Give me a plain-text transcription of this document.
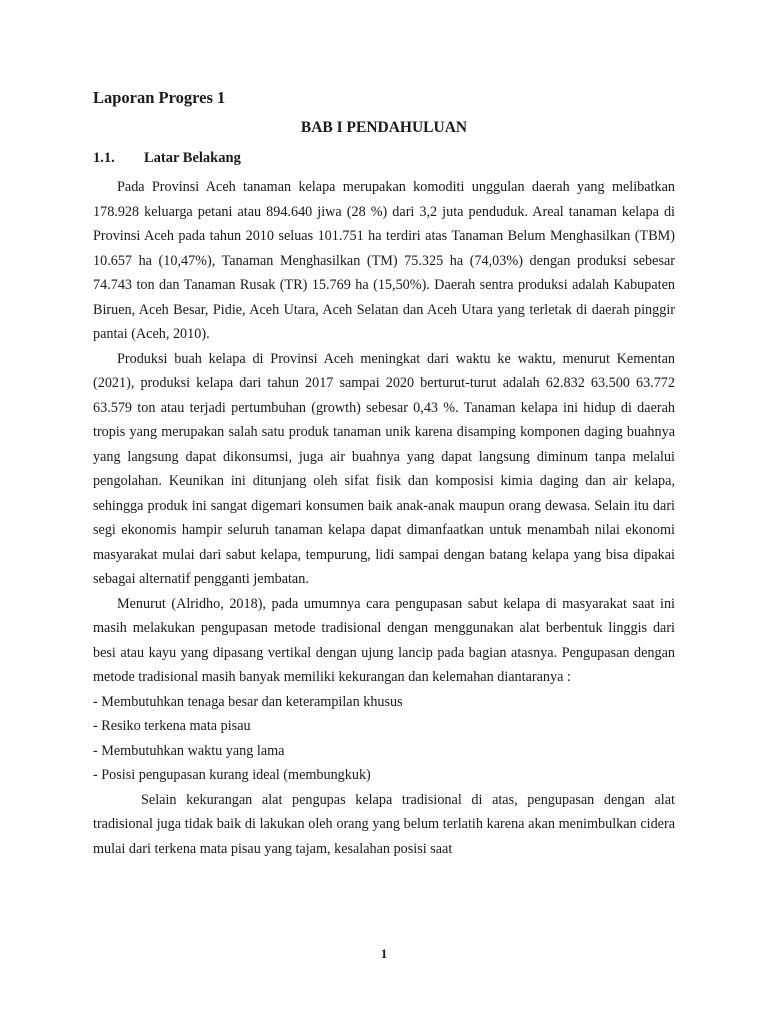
Laporan Progres 1
BAB I PENDAHULUAN
1.1. Latar Belakang

Pada Provinsi Aceh tanaman kelapa merupakan komoditi unggulan daerah yang melibatkan 178.928 keluarga petani atau 894.640 jiwa (28 %) dari 3,2 juta penduduk. Areal tanaman kelapa di Provinsi Aceh pada tahun 2010 seluas 101.751 ha terdiri atas Tanaman Belum Menghasilkan (TBM) 10.657 ha (10,47%), Tanaman Menghasilkan (TM) 75.325 ha (74,03%) dengan produksi sebesar 74.743 ton dan Tanaman Rusak (TR) 15.769 ha (15,50%). Daerah sentra produksi adalah Kabupaten Biruen, Aceh Besar, Pidie, Aceh Utara, Aceh Selatan dan Aceh Utara yang terletak di daerah pinggir pantai (Aceh, 2010).

Produksi buah kelapa di Provinsi Aceh meningkat dari waktu ke waktu, menurut Kementan (2021), produksi kelapa dari tahun 2017 sampai 2020 berturut-turut adalah 62.832 63.500 63.772 63.579 ton atau terjadi pertumbuhan (growth) sebesar 0,43 %. Tanaman kelapa ini hidup di daerah tropis yang merupakan salah satu produk tanaman unik karena disamping komponen daging buahnya yang langsung dapat dikonsumsi, juga air buahnya yang dapat langsung diminum tanpa melalui pengolahan. Keunikan ini ditunjang oleh sifat fisik dan komposisi kimia daging dan air kelapa, sehingga produk ini sangat digemari konsumen baik anak-anak maupun orang dewasa. Selain itu dari segi ekonomis hampir seluruh tanaman kelapa dapat dimanfaatkan untuk menambah nilai ekonomi masyarakat mulai dari sabut kelapa, tempurung, lidi sampai dengan batang kelapa yang bisa dipakai sebagai alternatif pengganti jembatan.

Menurut (Alridho, 2018), pada umumnya cara pengupasan sabut kelapa di masyarakat saat ini masih melakukan pengupasan metode tradisional dengan menggunakan alat berbentuk linggis dari besi atau kayu yang dipasang vertikal dengan ujung lancip pada bagian atasnya. Pengupasan dengan metode tradisional masih banyak memiliki kekurangan dan kelemahan diantaranya :

- Membutuhkan tenaga besar dan keterampilan khusus
- Resiko terkena mata pisau
- Membutuhkan waktu yang lama
- Posisi pengupasan kurang ideal (membungkuk)

Selain kekurangan alat pengupas kelapa tradisional di atas, pengupasan dengan alat tradisional juga tidak baik di lakukan oleh orang yang belum terlatih karena akan menimbulkan cidera mulai dari terkena mata pisau yang tajam, kesalahan posisi saat

1
